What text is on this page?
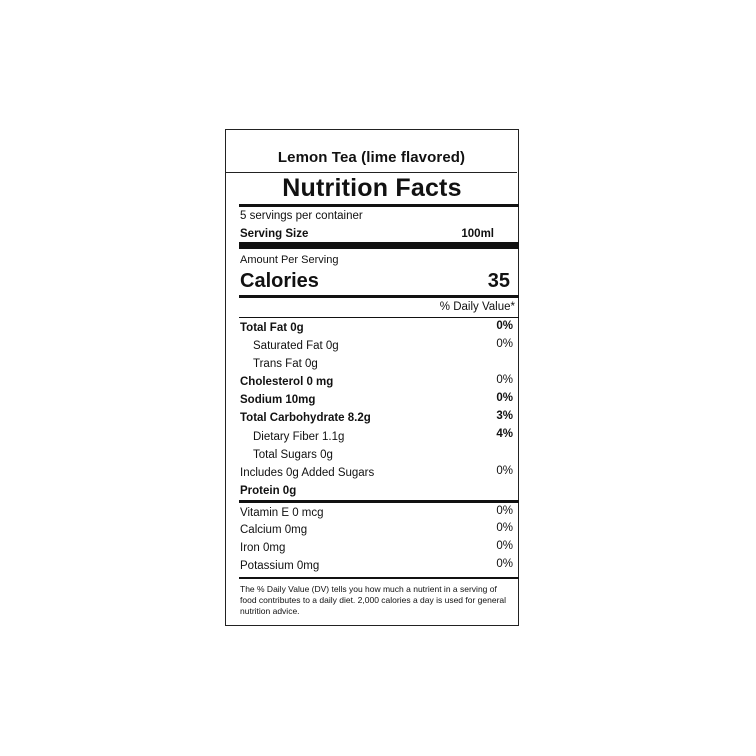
Lemon Tea (lime flavored)
Nutrition Facts
5 servings per container
Serving Size	100ml
Amount Per Serving
Calories	35
% Daily Value*
Total Fat 0g	0%
Saturated Fat 0g	0%
Trans Fat 0g
Cholesterol 0 mg	0%
Sodium 10mg	0%
Total Carbohydrate 8.2g	3%
Dietary Fiber 1.1g	4%
Total Sugars 0g
Includes 0g Added Sugars	0%
Protein 0g
Vitamin E 0 mcg	0%
Calcium 0mg	0%
Iron 0mg	0%
Potassium 0mg	0%
The % Daily Value (DV) tells you how much a nutrient in a serving of food contributes to a daily diet. 2,000 calories a day is used for general nutrition advice.
